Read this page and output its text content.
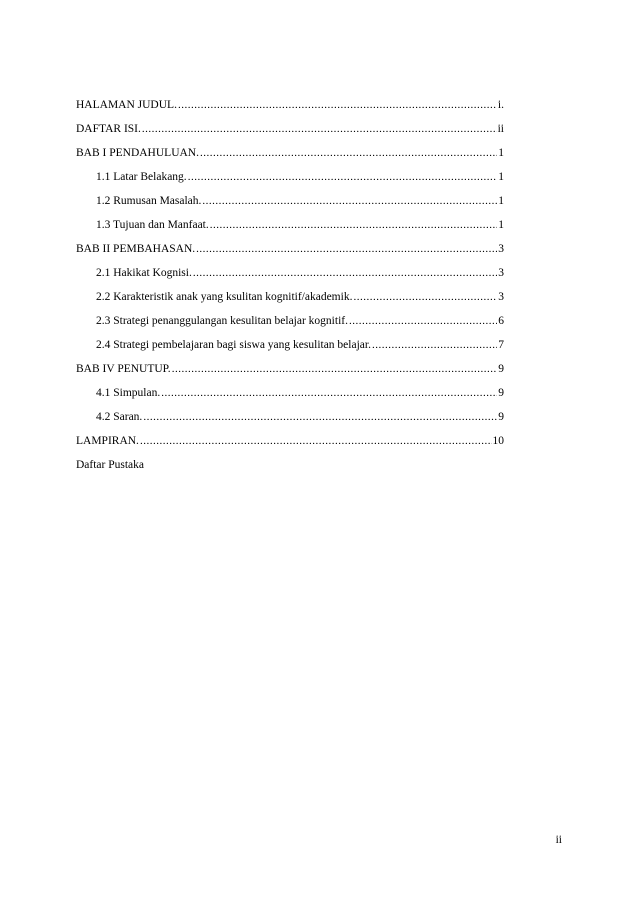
HALAMAN JUDUL. .....	i.
DAFTAR ISI. .....	ii
BAB I PENDAHULUAN. .....	1
1.1 Latar Belakang. .....	1
1.2 Rumusan Masalah. .....	1
1.3 Tujuan dan Manfaat. .....	1
BAB II PEMBAHASAN. .....	3
2.1 Hakikat Kognisi. .....	3
2.2 Karakteristik anak yang ksulitan kognitif/akademik. .....	3
2.3 Strategi penanggulangan kesulitan belajar kognitif. .....	6
2.4 Strategi pembelajaran bagi siswa yang kesulitan belajar. .....	7
BAB IV PENUTUP. .....	9
4.1 Simpulan. .....	9
4.2 Saran. .....	9
LAMPIRAN. .....	10
Daftar Pustaka
ii
